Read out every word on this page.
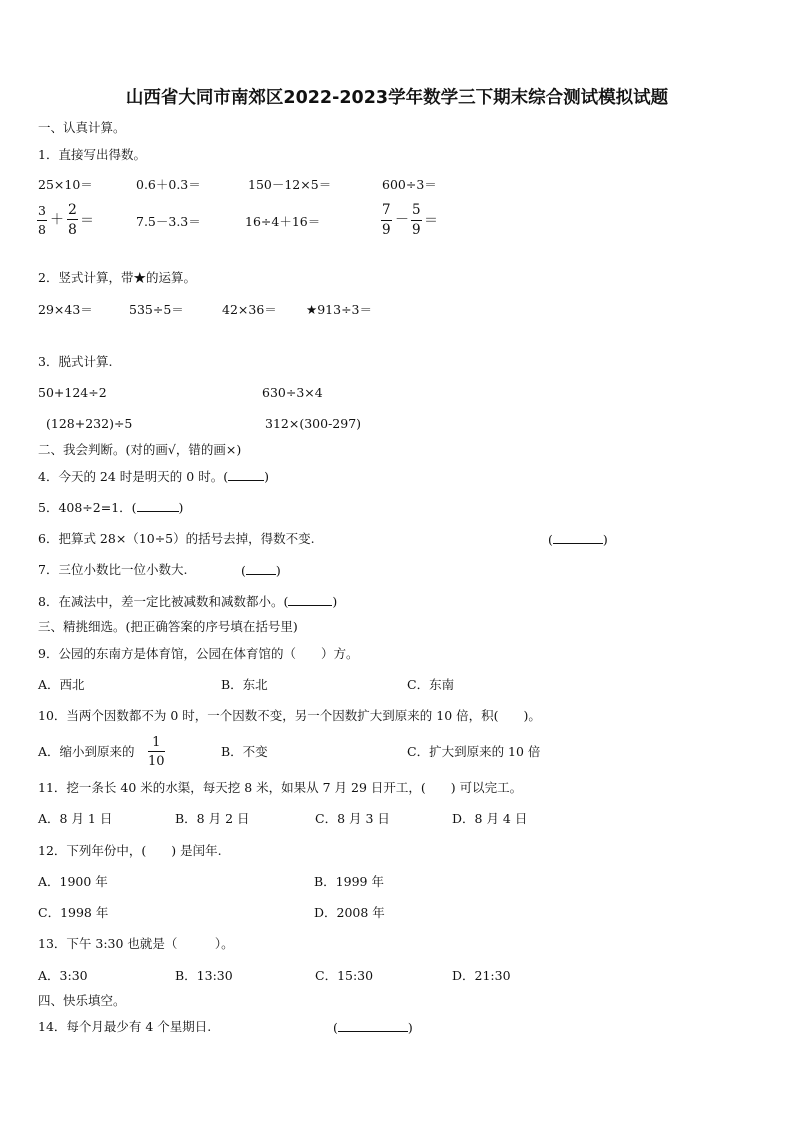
山西省大同市南郊区2022-2023学年数学三下期末综合测试模拟试题
一、认真计算。
1．直接写出得数。
25×10＝	0.6＋0.3＝	150－12×5＝	600÷3＝
$\frac{3}{8} + \frac{2}{8}$ ＝	7.5－3.3＝	16÷4＋16＝	$\frac{7}{9} - \frac{5}{9}$ ＝
2．竖式计算，带★的运算。
29×43＝	535÷5＝	42×36＝ ★913÷3＝
3．脱式计算.
50+124÷2	630÷3×4
(128+232)÷5	312×(300-297)
二、我会判断。(对的画√，错的画×)
4．今天的 24 时是明天的 0 时。(	)
5．408÷2=1．(	)
6．把算式 28×（10÷5）的括号去掉，得数不变.	(	)
7．三位小数比一位小数大.	( )
8．在减法中，差一定比被减数和减数都小。(	)
三、精挑细选。(把正确答案的序号填在括号里)
9．公园的东南方是体育馆，公园在体育馆的（　　）方。
A．西北	B．东北	C．东南
10．当两个因数都不为 0 时，一个因数不变，另一个因数扩大到原来的 10 倍，积(　　)。
A．缩小到原来的 $\frac{1}{10}$	B．不变	C．扩大到原来的 10 倍
11．挖一条长 40 米的水渠，每天挖 8 米，如果从 7 月 29 日开工，(　　) 可以完工。
A．8 月 1 日	B．8 月 2 日	C．8 月 3 日	D．8 月 4 日
12．下列年份中，(　　) 是闰年.
A．1900 年	B．1999 年
C．1998 年	D．2008 年
13．下午 3:30 也就是（　　　）。
A．3:30	B．13:30	C．15:30	D．21:30
四、快乐填空。
14．每个月最少有 4 个星期日.	(	)
